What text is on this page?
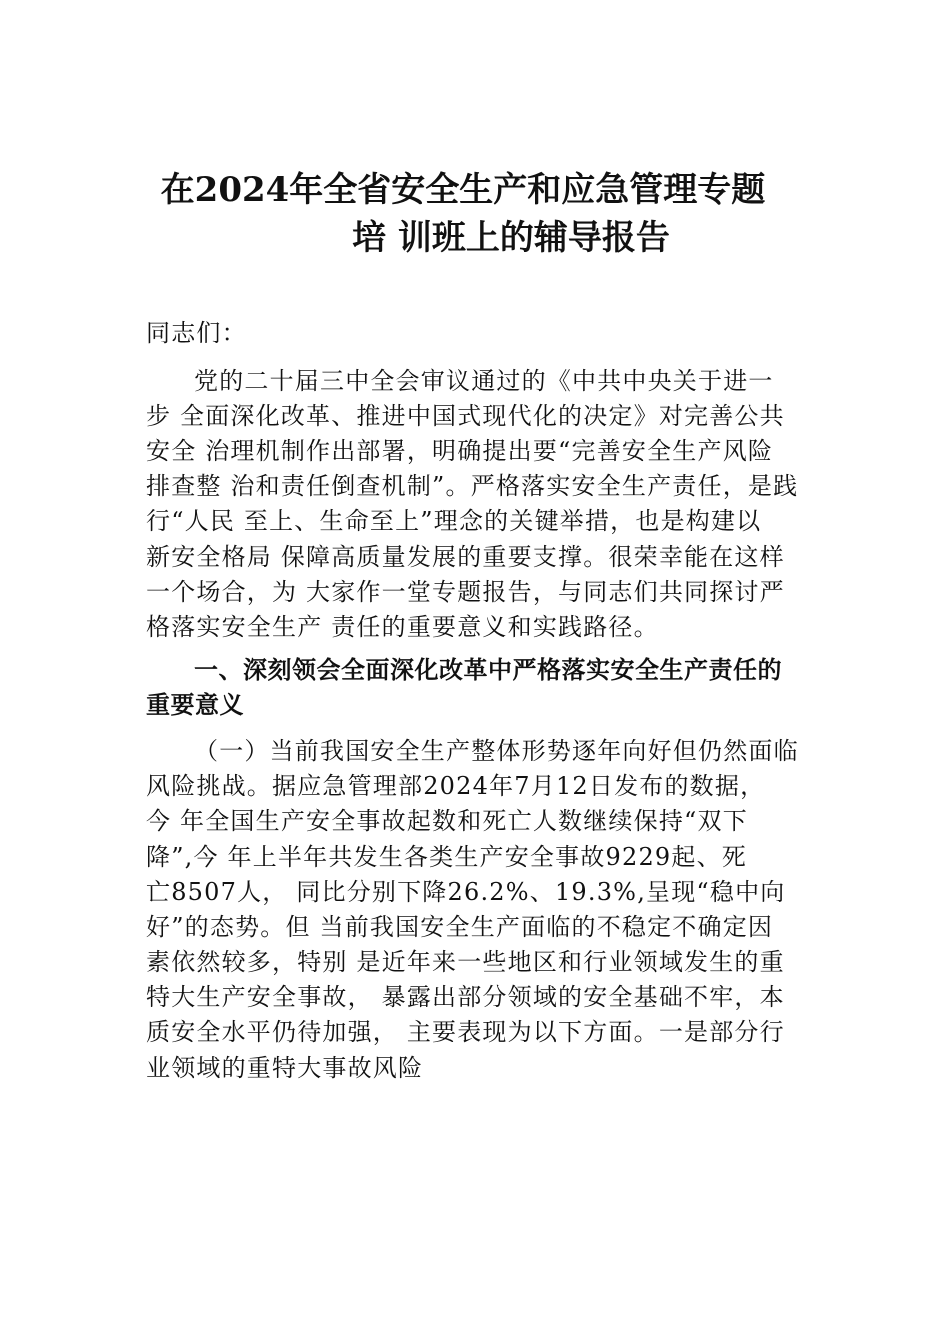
在2024年全省安全生产和应急管理专题
培 训班上的辅导报告
同志们：
党的二十届三中全会审议通过的《中共中央关于进一
步 全面深化改革、推进中国式现代化的决定》对完善公共
安全 治理机制作出部署，明确提出要“完善安全生产风险
排查整 治和责任倒查机制”。严格落实安全生产责任，是践
行“人民 至上、生命至上”理念的关键举措，也是构建以
新安全格局 保障高质量发展的重要支撑。很荣幸能在这样
一个场合，为 大家作一堂专题报告，与同志们共同探讨严
格落实安全生产 责任的重要意义和实践路径。
一、深刻领会全面深化改革中严格落实安全生产责任的
重要意义
（一）当前我国安全生产整体形势逐年向好但仍然面临
风险挑战。据应急管理部2024年7月12日发布的数据，
今 年全国生产安全事故起数和死亡人数继续保持“双下
降”,今 年上半年共发生各类生产安全事故9229起、死
亡8507人， 同比分别下降26.2%、19.3%,呈现“稳中向
好”的态势。但 当前我国安全生产面临的不稳定不确定因
素依然较多，特别 是近年来一些地区和行业领域发生的重
特大生产安全事故， 暴露出部分领域的安全基础不牢，本
质安全水平仍待加强， 主要表现为以下方面。一是部分行
业领域的重特大事故风险
